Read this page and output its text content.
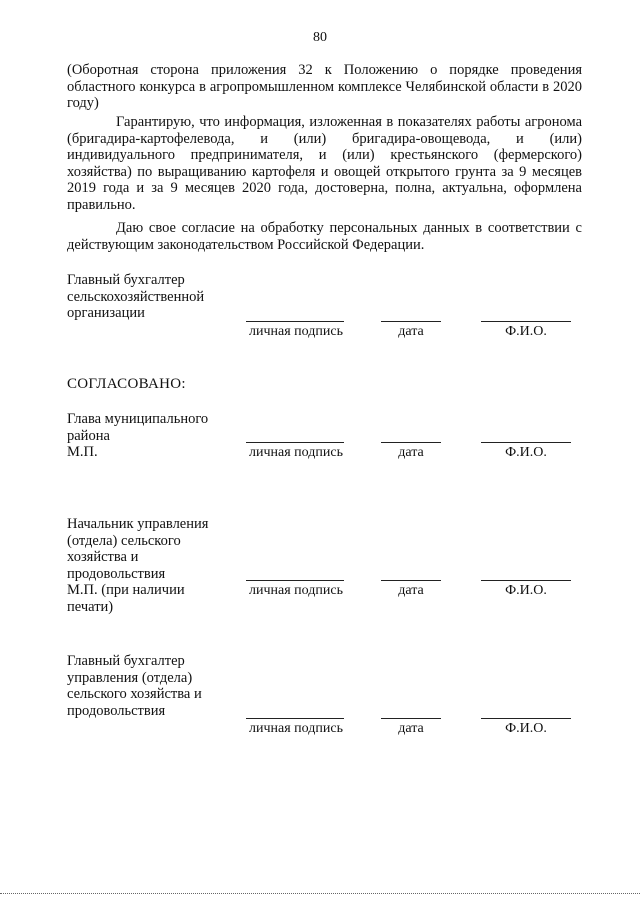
80

(Оборотная сторона приложения 32 к Положению о порядке проведения областного конкурса в агропромышленном комплексе Челябинской области в 2020 году)

Гарантирую, что информация, изложенная в показателях работы агронома (бригадира-картофелевода, и (или) бригадира-овощевода, и (или) индивидуального предпринимателя, и (или) крестьянского (фермерского) хозяйства) по выращиванию картофеля и овощей открытого грунта за 9 месяцев 2019 года и за 9 месяцев 2020 года, достоверна, полна, актуальна, оформлена правильно.

Даю свое согласие на обработку персональных данных в соответствии с действующим законодательством Российской Федерации.

Главный бухгалтер
сельскохозяйственной
организации

личная подпись	дата	Ф.И.О.
СОГЛАСОВАНО:

Глава муниципального
района
М.П.	личная подпись	дата	Ф.И.О.

Начальник управления
(отдела) сельского
хозяйства и
продовольствия
М.П. (при наличии
печати)

личная подпись	дата	Ф.И.О.

Главный бухгалтер
управления (отдела)
сельского хозяйства и
продовольствия

личная подпись	дата	Ф.И.О.
